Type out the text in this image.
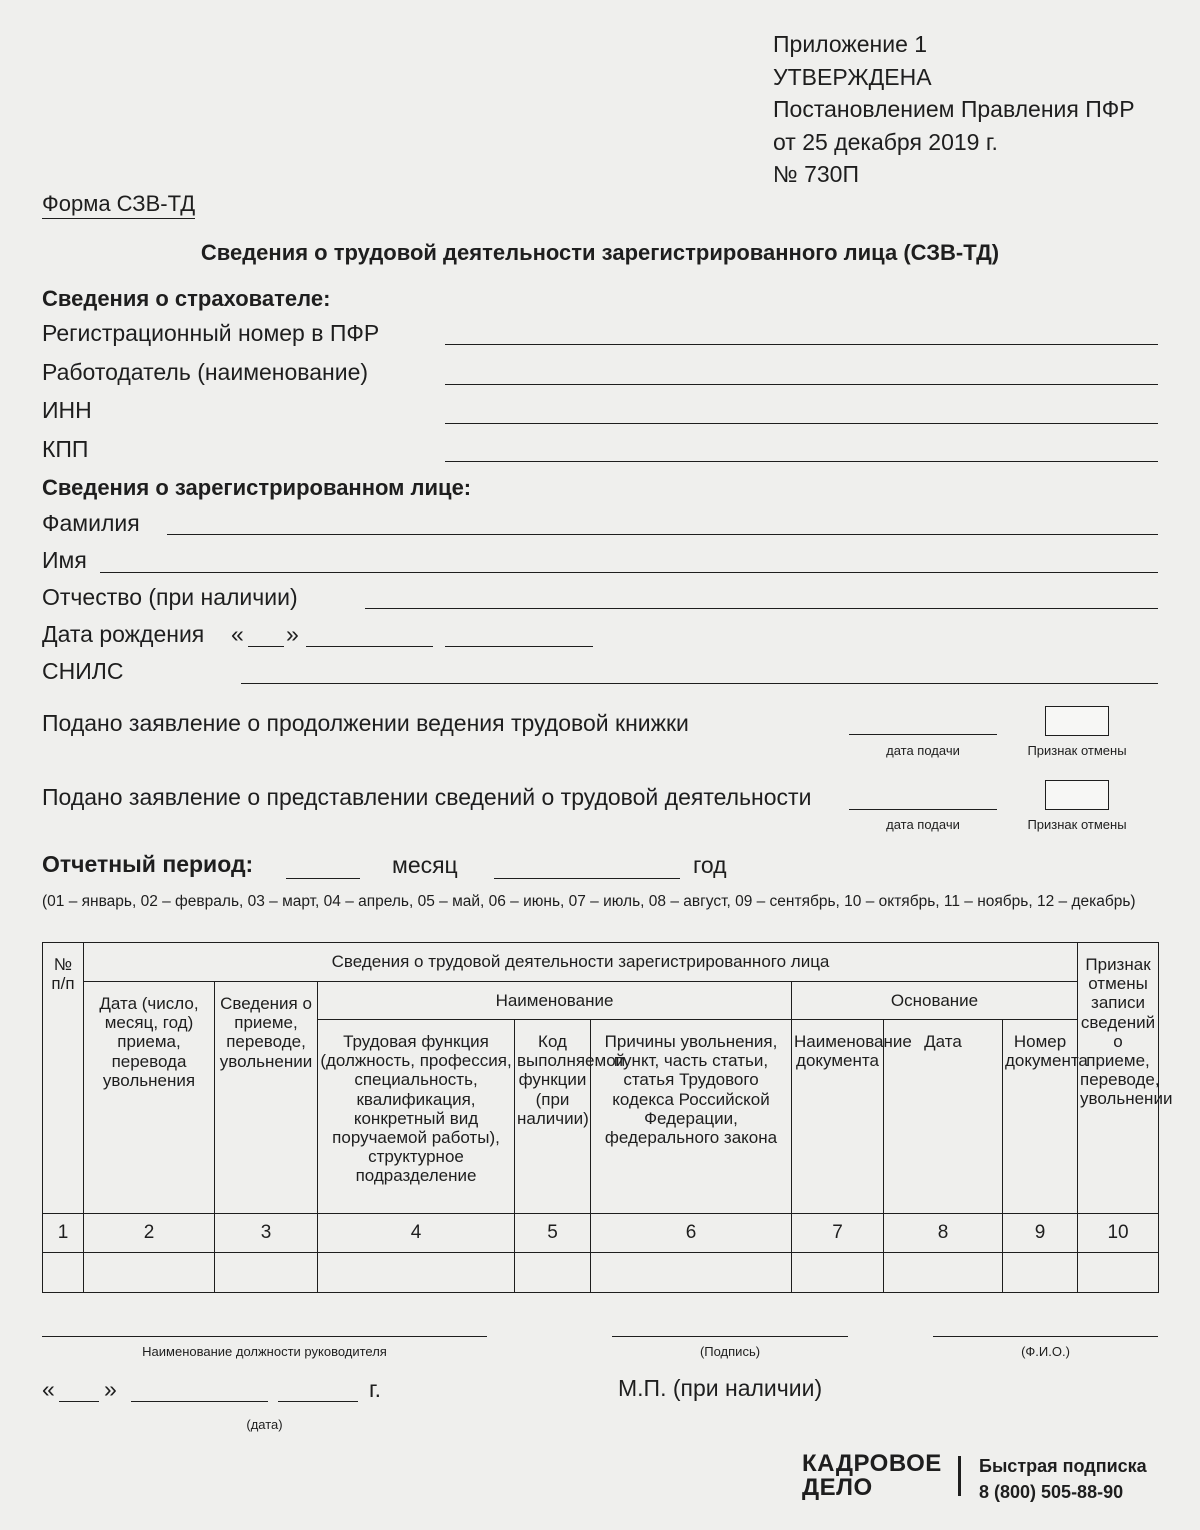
Приложение 1
УТВЕРЖДЕНА
Постановлением Правления ПФР
от 25 декабря 2019 г.
№ 730П
Форма СЗВ-ТД
Сведения о трудовой деятельности зарегистрированного лица (СЗВ-ТД)
Сведения о страхователе:
Регистрационный номер в ПФР
Работодатель (наименование)
ИНН
КПП
Сведения о зарегистрированном лице:
Фамилия
Имя
Отчество (при наличии)
Дата рождения « »
СНИЛС
Подано заявление о продолжении ведения трудовой книжки
дата подачи	Признак отмены
Подано заявление о представлении сведений о трудовой деятельности
дата подачи	Признак отмены
Отчетный период:	месяц	год
(01 – январь, 02 – февраль, 03 – март, 04 – апрель, 05 – май, 06 – июнь, 07 – июль, 08 – август, 09 – сентябрь, 10 – октябрь, 11 – ноябрь, 12 – декабрь)
№ п/п	Сведения о трудовой деятельности зарегистрированного лица								Признак отмены записи сведений о приеме, переводе, увольнении
	Дата (число, месяц, год) приема, перевода увольнения	Сведения о приеме, переводе, увольнении	Наименование			Основание			
			Трудовая функция (должность, профессия, специальность, квалификация, конкретный вид поручаемой работы), структурное подразделение	Код выполняемой функции (при наличии)	Причины увольнения, пункт, часть статьи, статья Трудового кодекса Российской Федерации, федерального закона	Наименование документа	Дата	Номер документа	
1	2	3	4	5	6	7	8	9	10

Наименование должности руководителя	(Подпись)	(Ф.И.О.)
« »	г.
(дата)
М.П. (при наличии)
КАДРОВОЕ
ДЕЛО
Быстрая подписка
8 (800) 505-88-90
